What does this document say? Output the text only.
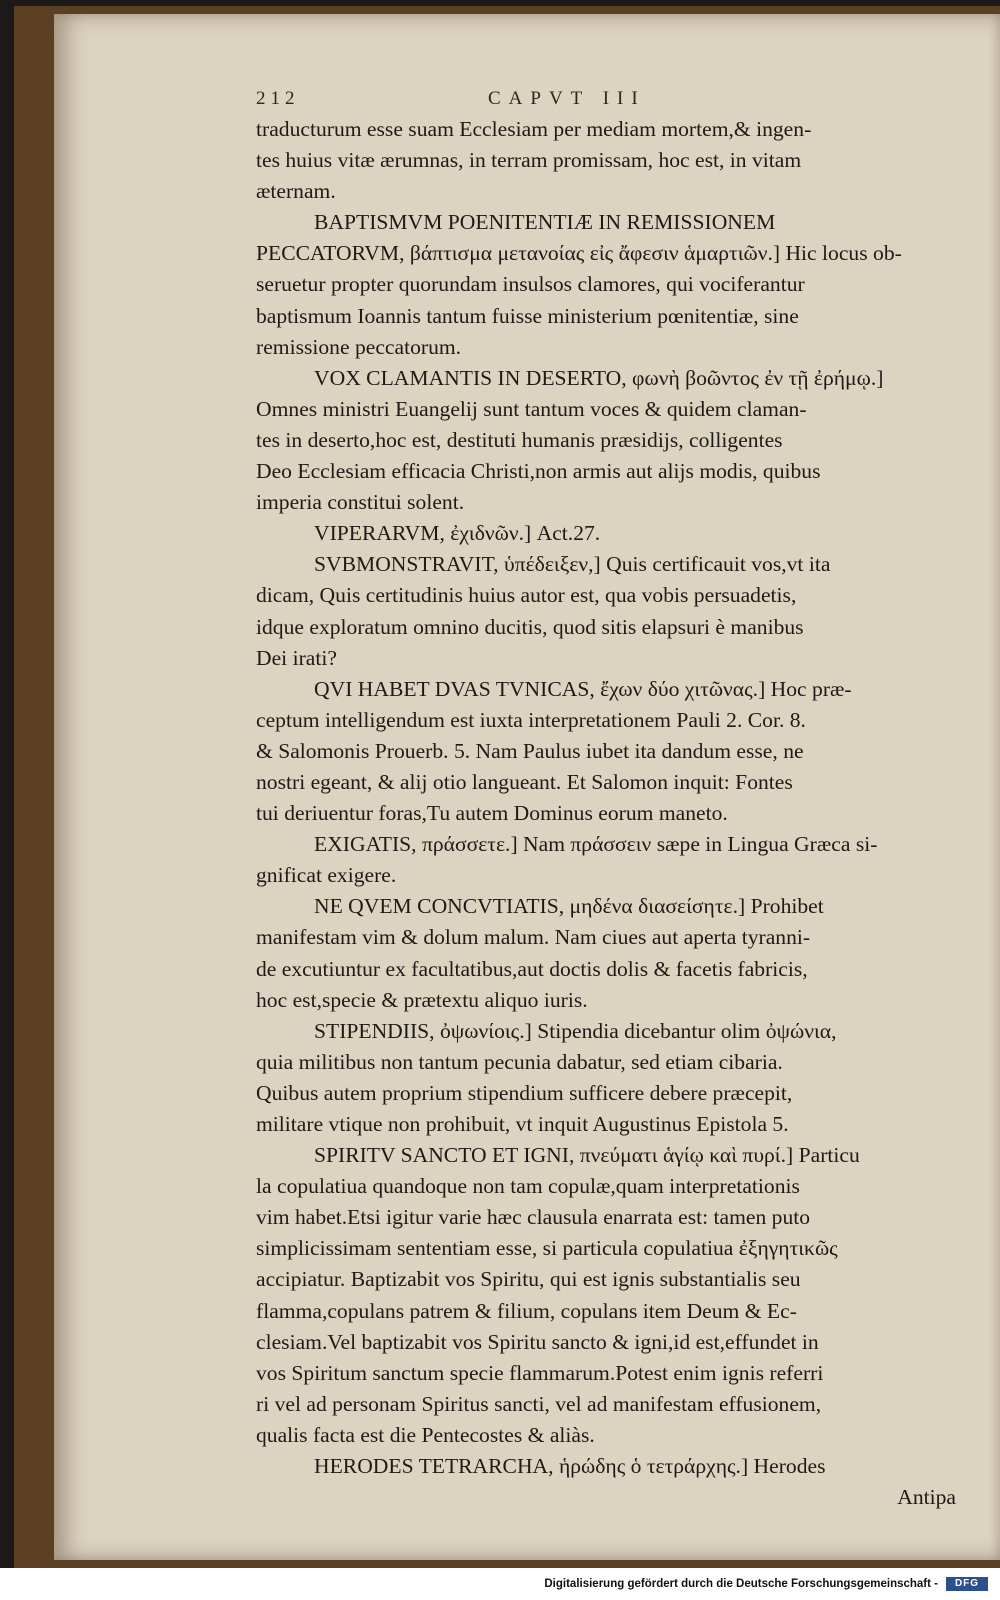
212	CAPVT III
traducturum esse suam Ecclesiam per mediam mortem,& ingen-
tes huius vitæ ærumnas, in terram promissam, hoc est, in vitam
æternam.
BAPTISMVM POENITENTIÆ IN REMISSIONEM
PECCATORVM, βάπτισμα μετανοίας εἰς ἄφεσιν ἁμαρτιῶν.] Hic locus ob-
seruetur propter quorundam insulsos clamores, qui vociferantur
baptismum Ioannis tantum fuisse ministerium pœnitentiæ, sine
remissione peccatorum.
VOX CLAMANTIS IN DESERTO, φωνὴ βοῶντος ἐν τῇ ἐρήμῳ.]
Omnes ministri Euangelij sunt tantum voces & quidem claman-
tes in deserto,hoc est, destituti humanis præsidijs, colligentes
Deo Ecclesiam efficacia Christi,non armis aut alijs modis, quibus
imperia constitui solent.
VIPERARVM, ἐχιδνῶν.] Act.27.
SVBMONSTRAVIT, ὑπέδειξεν,] Quis certificauit vos,vt ita
dicam, Quis certitudinis huius autor est, qua vobis persuadetis,
idque exploratum omnino ducitis, quod sitis elapsuri è manibus
Dei irati?
QVI HABET DVAS TVNICAS, ἔχων δύο χιτῶνας.] Hoc præ-
ceptum intelligendum est iuxta interpretationem Pauli 2. Cor. 8.
& Salomonis Prouerb. 5. Nam Paulus iubet ita dandum esse, ne
nostri egeant, & alij otio langueant. Et Salomon inquit: Fontes
tui deriuentur foras,Tu autem Dominus eorum maneto.
EXIGATIS, πράσσετε.] Nam πράσσειν sæpe in Lingua Græca si-
gnificat exigere.
NE QVEM CONCVTIATIS, μηδένα διασείσητε.] Prohibet
manifestam vim & dolum malum. Nam ciues aut aperta tyranni-
de excutiuntur ex facultatibus,aut doctis dolis & facetis fabricis,
hoc est,specie & prætextu aliquo iuris.
STIPENDIIS, ὀψωνίοις.] Stipendia dicebantur olim ὀψώνια,
quia militibus non tantum pecunia dabatur, sed etiam cibaria.
Quibus autem proprium stipendium sufficere debere præcepit,
militare vtique non prohibuit, vt inquit Augustinus Epistola 5.
SPIRITV SANCTO ET IGNI, πνεύματι ἁγίῳ καὶ πυρί.] Particu
la copulatiua quandoque non tam copulæ,quam interpretationis
vim habet.Etsi igitur varie hæc clausula enarrata est: tamen puto
simplicissimam sententiam esse, si particula copulatiua ἐξηγητικῶς
accipiatur. Baptizabit vos Spiritu, qui est ignis substantialis seu
flamma,copulans patrem & filium, copulans item Deum & Ec-
clesiam.Vel baptizabit vos Spiritu sancto & igni,id est,effundet in
vos Spiritum sanctum specie flammarum.Potest enim ignis referri
ri vel ad personam Spiritus sancti, vel ad manifestam effusionem,
qualis facta est die Pentecostes & aliàs.
HERODES TETRARCHA, ἡρώδης ὁ τετράρχης.] Herodes
Antipa
Digitalisierung gefördert durch die Deutsche Forschungsgemeinschaft -	DFG
